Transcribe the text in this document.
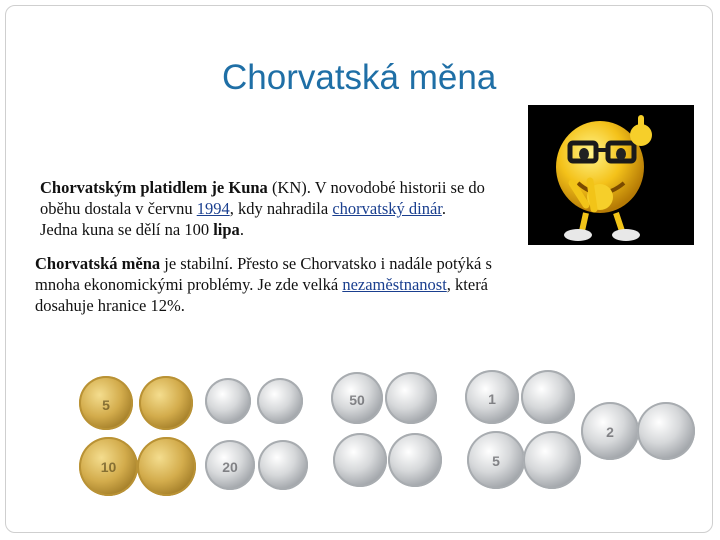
Chorvatská měna
Chorvatským platidlem je Kuna (KN). V novodobé historii se do
oběhu dostala v červnu 1994, kdy nahradila chorvatský dinár.
Jedna kuna se dělí na 100 lipa.
Chorvatská měna je stabilní. Přesto se Chorvatsko i nadále potýká s
mnoha ekonomickými problémy. Je zde velká nezaměstnanost, která
dosahuje hranice 12%.
5
10	20
50	1
5
2
